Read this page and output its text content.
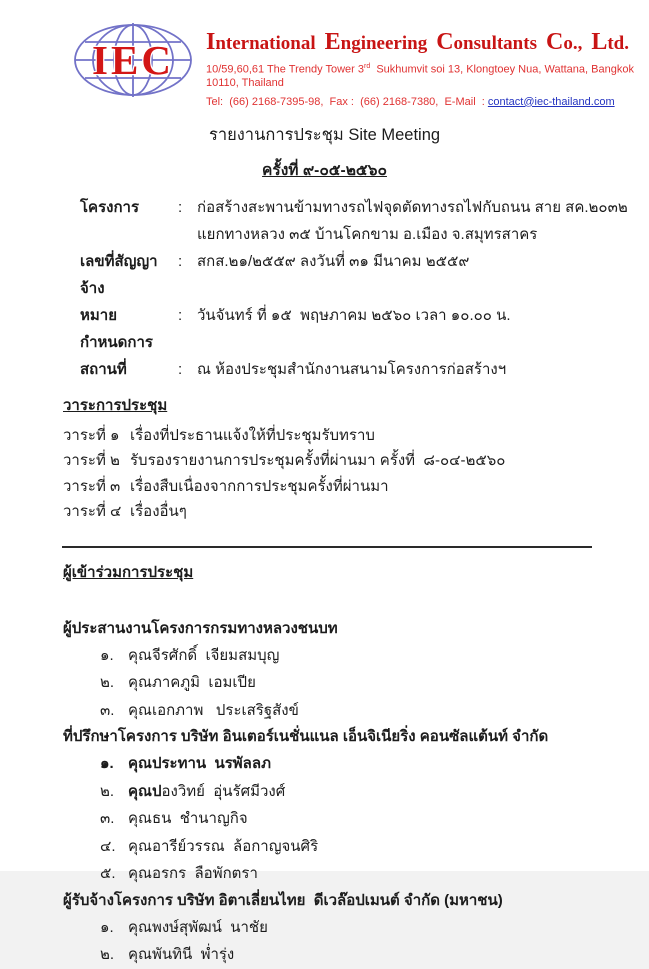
IEC International Engineering Consultants Co., Ltd.
10/59,60,61 The Trendy Tower 3rd  Sukhumvit soi 13, Klongtoey Nua, Wattana, Bangkok 10110, Thailand
Tel:  (66) 2168-7395-98,  Fax :  (66) 2168-7380,  E-Mail  : contact@iec-thailand.com
รายงานการประชุม Site Meeting
ครั้งที่ ๙-๐๕-๒๕๖๐
โครงการ	: ก่อสร้างสะพานข้ามทางรถไฟจุดตัดทางรถไฟกับถนน สาย สค.๒๐๓๒
แยกทางหลวง ๓๕ บ้านโคกขาม อ.เมือง จ.สมุทรสาคร
เลขที่สัญญาจ้าง
: สกส.๒๑/๒๕๕๙ ลงวันที่ ๓๑ มีนาคม ๒๕๕๙
หมายกำหนดการ
: วันจันทร์ ที่ ๑๕  พฤษภาคม ๒๕๖๐ เวลา ๑๐.๐๐ น.
สถานที่	: ณ ห้องประชุมสำนักงานสนามโครงการก่อสร้างฯ
วาระการประชุม
วาระที่ ๑ เรื่องที่ประธานแจ้งให้ที่ประชุมรับทราบ
วาระที่ ๒ รับรองรายงานการประชุมครั้งที่ผ่านมา ครั้งที่  ๘-๐๔-๒๕๖๐
วาระที่ ๓ เรื่องสืบเนื่องจากการประชุมครั้งที่ผ่านมา
วาระที่ ๔ เรื่องอื่นๆ
ผู้เข้าร่วมการประชุม
ผู้ประสานงานโครงการกรมทางหลวงชนบท
๑. คุณจีรศักดิ์  เจียมสมบุญ
๒. คุณภาคภูมิ  เอมเปีย
๓. คุณเอกภาพ   ประเสริฐสังข์
ที่ปรึกษาโครงการ บริษัท อินเตอร์เนชั่นแนล เอ็นจิเนียริ่ง คอนซัลแต้นท์ จำกัด
๑. คุณประทาน  นรพัลลภ
๒. คุณปองวิทย์  อุ่นรัศมีวงศ์
๓. คุณธน  ชำนาญกิจ
๔. คุณอารีย์วรรณ  ล้อกาญจนศิริ
๕. คุณอรกร  ลือพักตรา
ผู้รับจ้างโครงการ บริษัท อิตาเลี่ยนไทย  ดีเวล๊อปเมนต์ จำกัด (มหาชน)
๑. คุณพงษ์สุพัฒน์  นาชัย
๒. คุณพันทินี  พ่ำรุ่ง
